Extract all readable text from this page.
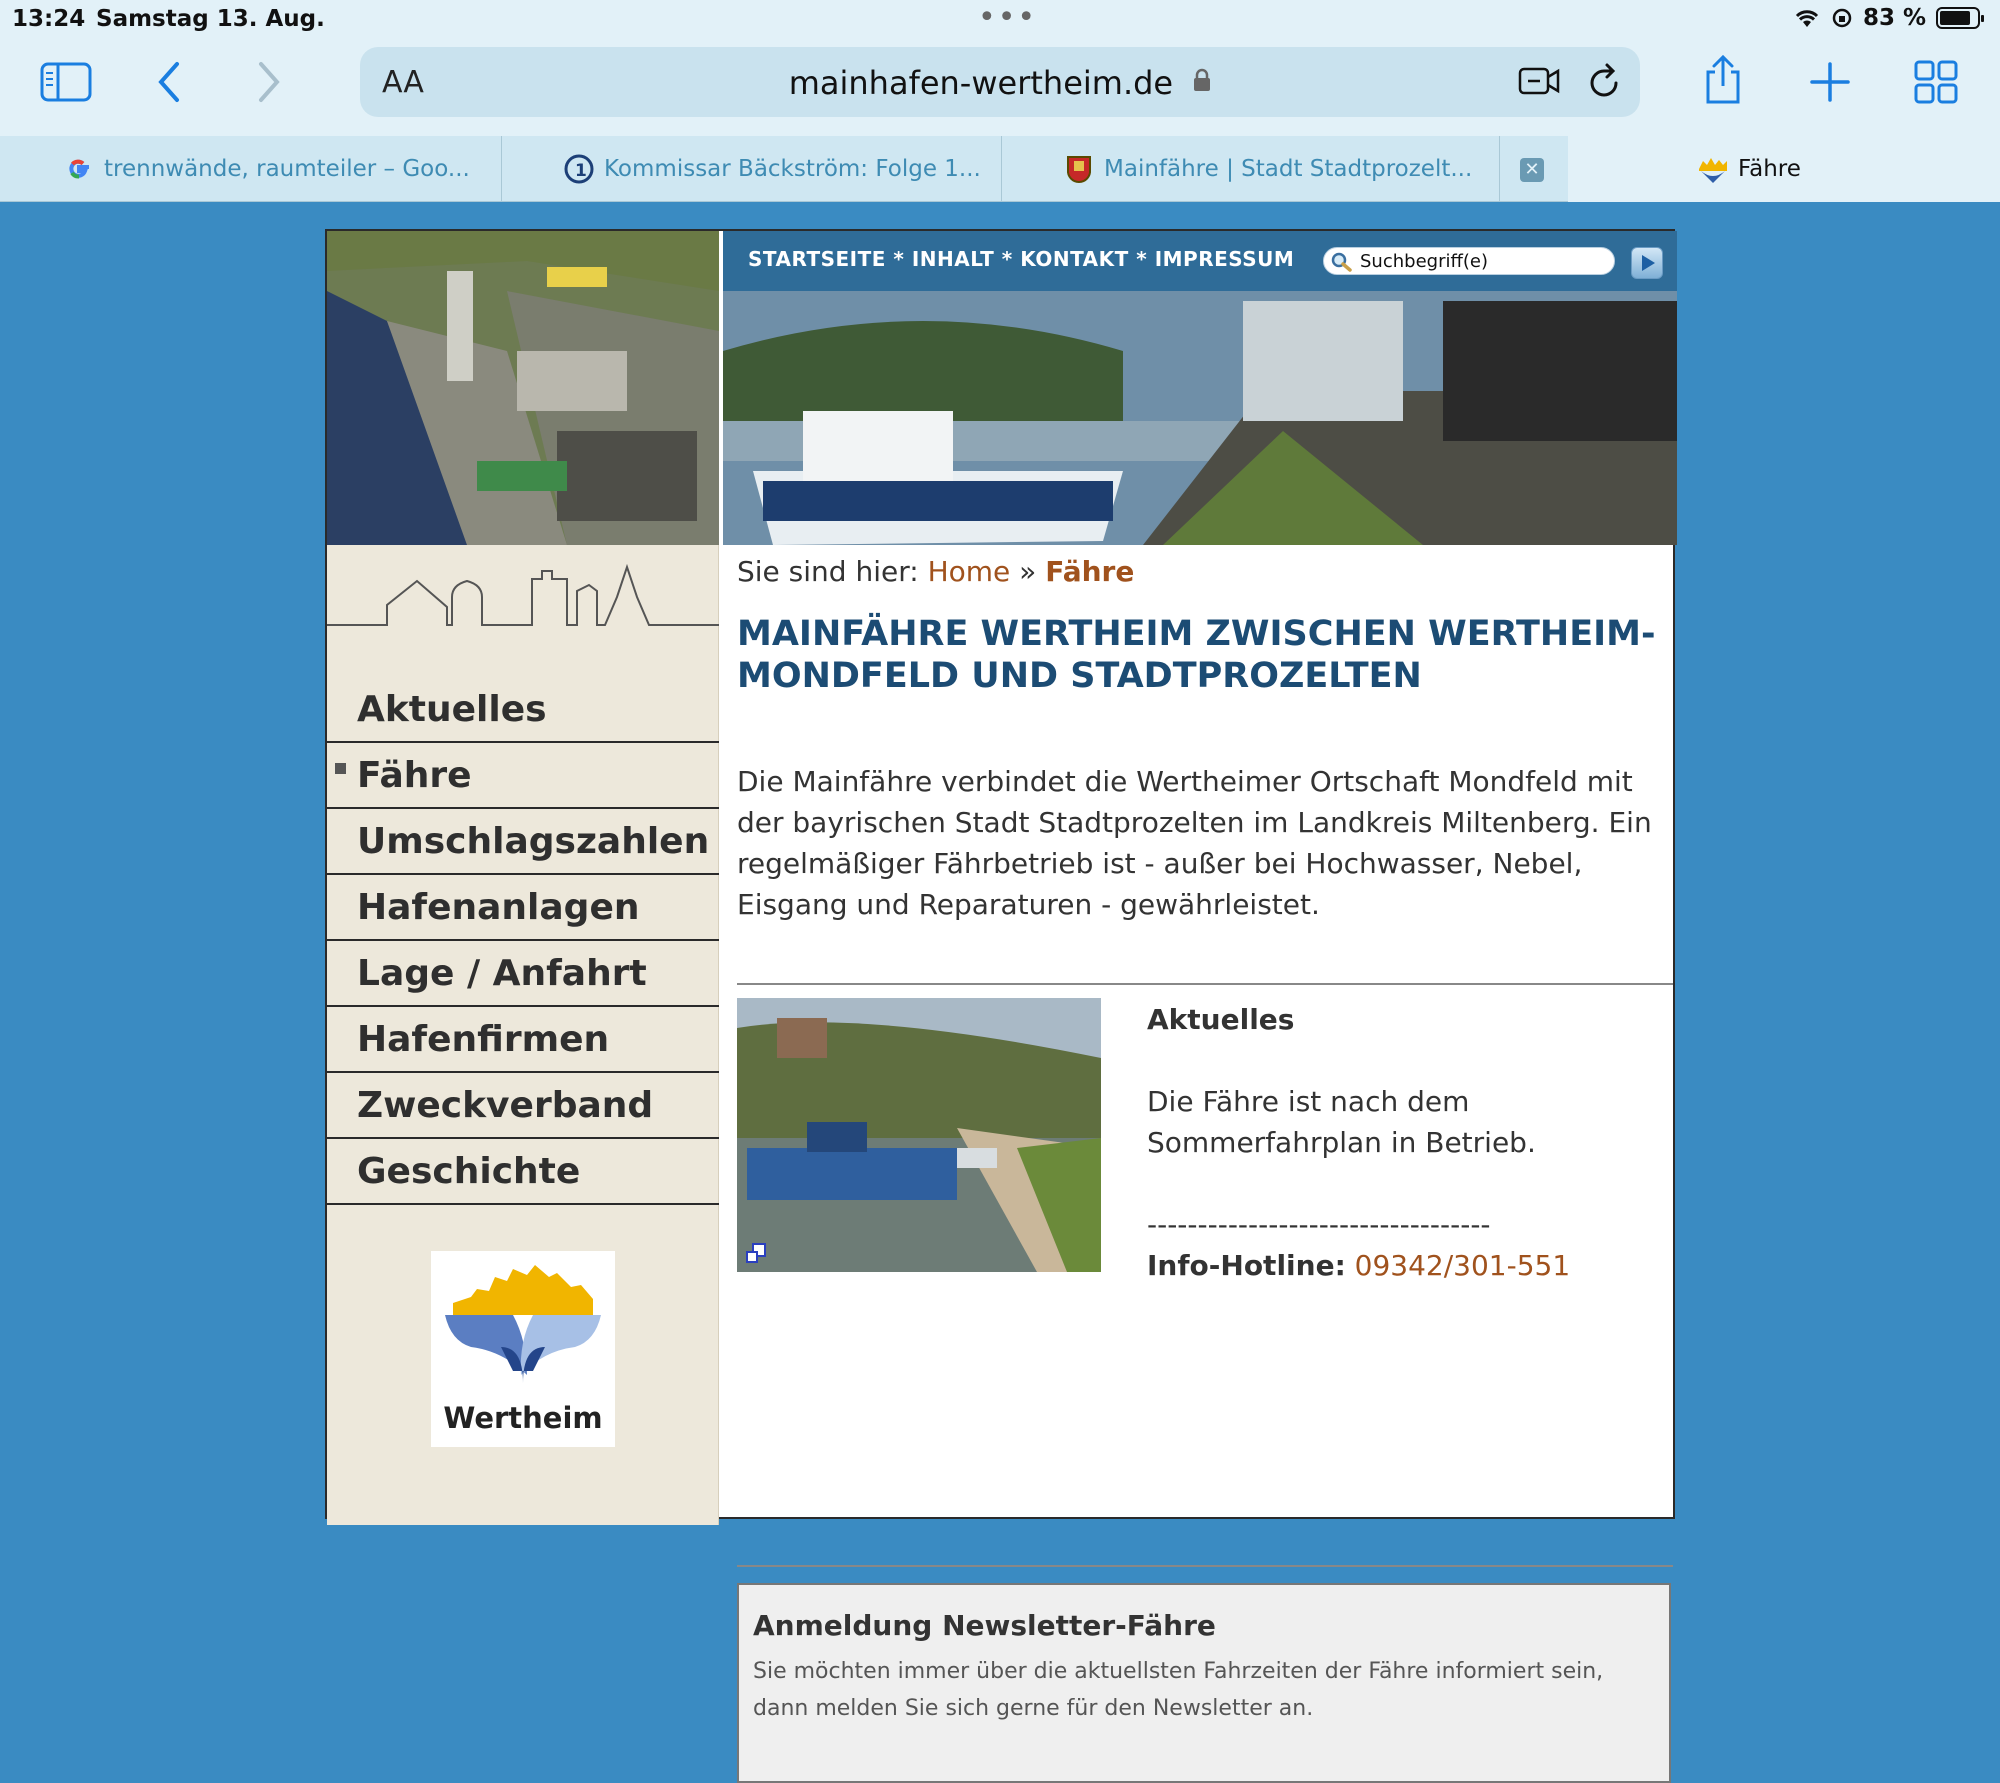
13:24 Samstag 13. Aug.	•••	83 %
AA	mainhafen-wertheim.de
trennwände, raumteiler – Goo...	1 Kommissar Bäckström: Folge 1...	Mainfähre | Stadt Stadtprozelt...	✕	Fähre
STARTSEITE * INHALT * KONTAKT * IMPRESSUM
Suchbegriff(e)
Aktuelles
Fähre
Umschlagszahlen
Hafenanlagen
Lage / Anfahrt
Hafenfirmen
Zweckverband
Geschichte
Wertheim
Sie sind hier: Home » Fähre
MAINFÄHRE WERTHEIM ZWISCHEN WERTHEIM-MONDFELD UND STADTPROZELTEN

Die Mainfähre verbindet die Wertheimer Ortschaft Mondfeld mit der bayrischen Stadt Stadtprozelten im Landkreis Miltenberg. Ein regelmäßiger Fährbetrieb ist - außer bei Hochwasser, Nebel, Eisgang und Reparaturen - gewährleistet.

Aktuelles
Die Fähre ist nach dem Sommerfahrplan in Betrieb.
----------------------------------
Info-Hotline: 09342/301-551
Anmeldung Newsletter-Fähre
Sie möchten immer über die aktuellsten Fahrzeiten der Fähre informiert sein, dann melden Sie sich gerne für den Newsletter an.
